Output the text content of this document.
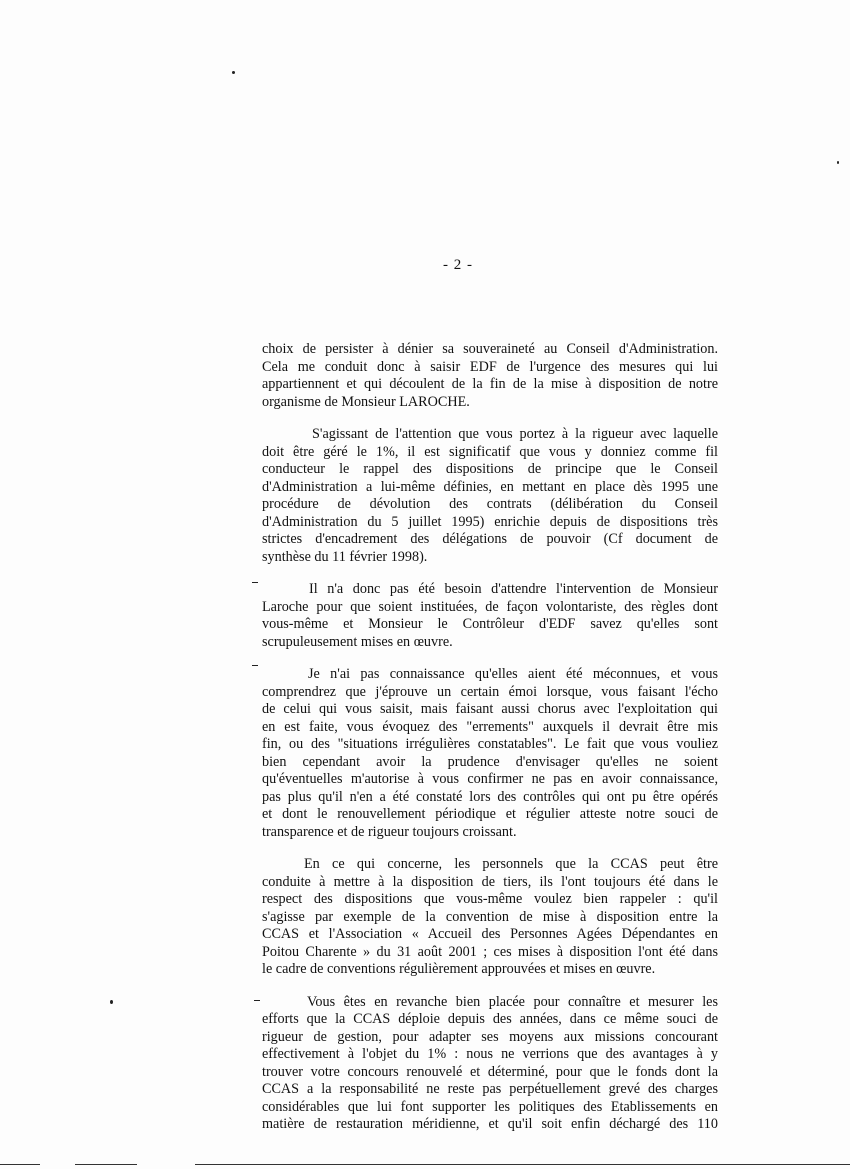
- 2 -
choix de persister à dénier sa souveraineté au Conseil d'Administration.
Cela me conduit donc à saisir EDF de l'urgence des mesures qui lui
appartiennent et qui découlent de la fin de la mise à disposition de notre
organisme de Monsieur LAROCHE.
S'agissant de l'attention que vous portez à la rigueur avec laquelle
doit être géré le 1%, il est significatif que vous y donniez comme fil
conducteur le rappel des dispositions de principe que le Conseil
d'Administration a lui-même définies, en mettant en place dès 1995 une
procédure de dévolution des contrats (délibération du Conseil
d'Administration du 5 juillet 1995) enrichie depuis de dispositions très
strictes d'encadrement des délégations de pouvoir (Cf document de
synthèse du 11 février 1998).
Il n'a donc pas été besoin d'attendre l'intervention de Monsieur
Laroche pour que soient instituées, de façon volontariste, des règles dont
vous-même et Monsieur le Contrôleur d'EDF savez qu'elles sont
scrupuleusement mises en œuvre.
Je n'ai pas connaissance qu'elles aient été méconnues, et vous
comprendrez que j'éprouve un certain émoi lorsque, vous faisant l'écho
de celui qui vous saisit, mais faisant aussi chorus avec l'exploitation qui
en est faite, vous évoquez des "errements" auxquels il devrait être mis
fin, ou des "situations irrégulières constatables". Le fait que vous vouliez
bien cependant avoir la prudence d'envisager qu'elles ne soient
qu'éventuelles m'autorise à vous confirmer ne pas en avoir connaissance,
pas plus qu'il n'en a été constaté lors des contrôles qui ont pu être opérés
et dont le renouvellement périodique et régulier atteste notre souci de
transparence et de rigueur toujours croissant.
En ce qui concerne, les personnels que la CCAS peut être
conduite à mettre à la disposition de tiers, ils l'ont toujours été dans le
respect des dispositions que vous-même voulez bien rappeler : qu'il
s'agisse par exemple de la convention de mise à disposition entre la
CCAS et l'Association « Accueil des Personnes Agées Dépendantes en
Poitou Charente » du 31 août 2001 ; ces mises à disposition l'ont été dans
le cadre de conventions régulièrement approuvées et mises en œuvre.
Vous êtes en revanche bien placée pour connaître et mesurer les
efforts que la CCAS déploie depuis des années, dans ce même souci de
rigueur de gestion, pour adapter ses moyens aux missions concourant
effectivement à l'objet du 1% : nous ne verrions que des avantages à y
trouver votre concours renouvelé et déterminé, pour que le fonds dont la
CCAS a la responsabilité ne reste pas perpétuellement grevé des charges
considérables que lui font supporter les politiques des Etablissements en
matière de restauration méridienne, et qu'il soit enfin déchargé des 110
